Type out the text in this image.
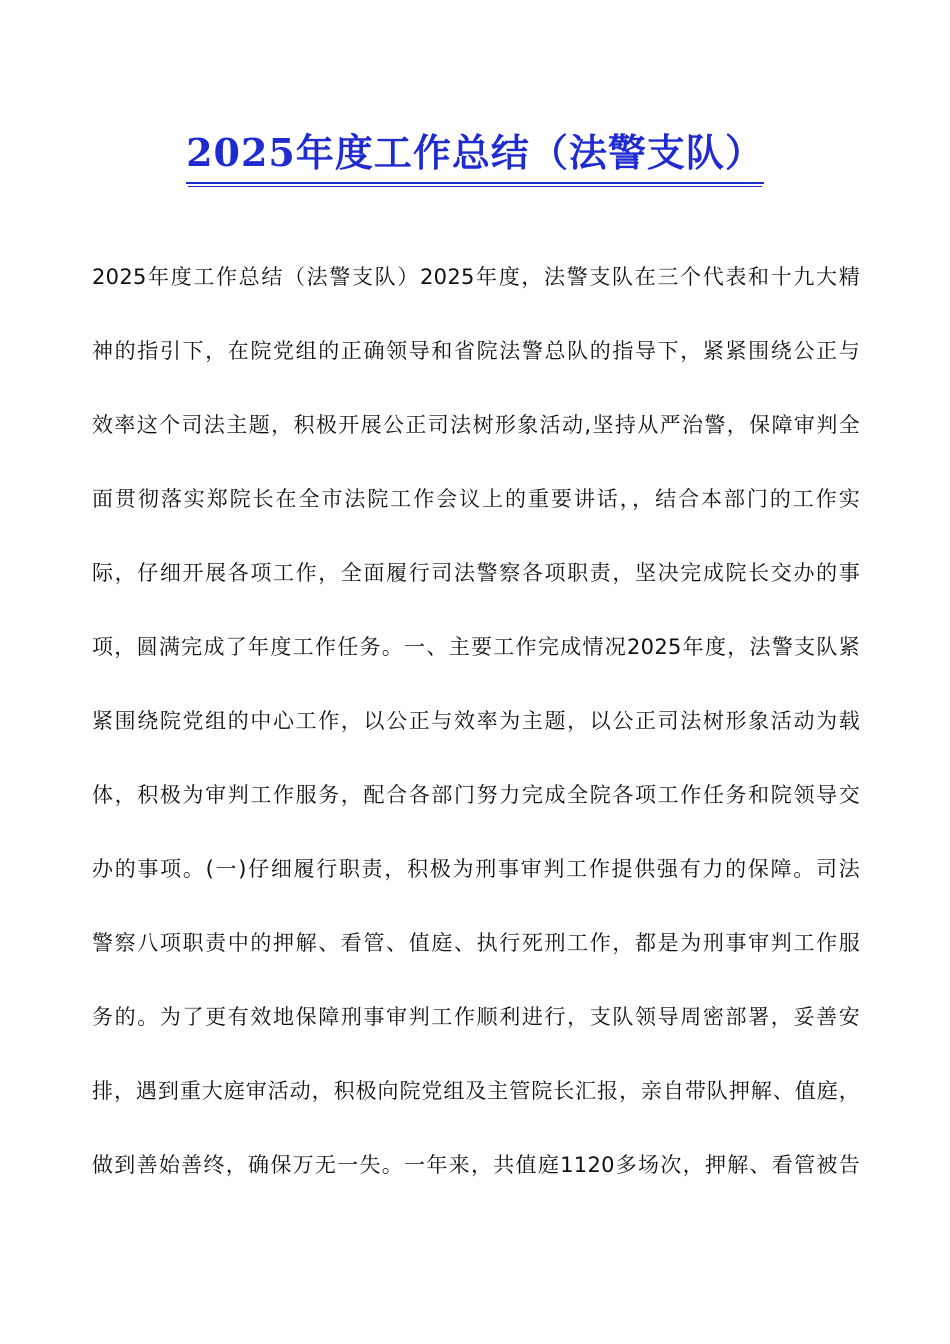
2025年度工作总结（法警支队）
2025年度工作总结（法警支队）2025年度，法警支队在三个代表和十九大精
神的指引下，在院党组的正确领导和省院法警总队的指导下，紧紧围绕公正与
效率这个司法主题，积极开展公正司法树形象活动,坚持从严治警，保障审判全
面贯彻落实郑院长在全市法院工作会议上的重要讲话，，结合本部门的工作实
际，仔细开展各项工作，全面履行司法警察各项职责，坚决完成院长交办的事
项，圆满完成了年度工作任务。一、主要工作完成情况2025年度，法警支队紧
紧围绕院党组的中心工作，以公正与效率为主题，以公正司法树形象活动为载
体，积极为审判工作服务，配合各部门努力完成全院各项工作任务和院领导交
办的事项。(一)仔细履行职责，积极为刑事审判工作提供强有力的保障。司法
警察八项职责中的押解、看管、值庭、执行死刑工作，都是为刑事审判工作服
务的。为了更有效地保障刑事审判工作顺利进行，支队领导周密部署，妥善安
排，遇到重大庭审活动，积极向院党组及主管院长汇报，亲自带队押解、值庭，
做到善始善终，确保万无一失。一年来，共值庭1120多场次，押解、看管被告
